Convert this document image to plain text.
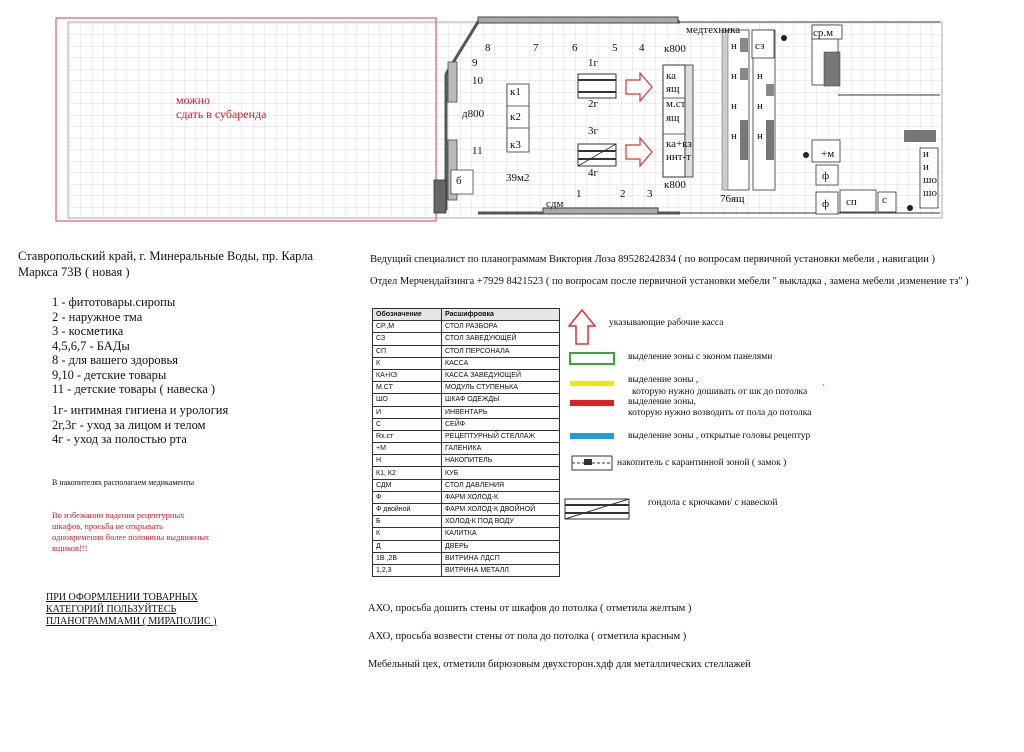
можно
сдать в субаренда
медтехника
8	7	6	5 4 к800
9
10
д800
11
к1
к2
к3
1г
2г
3г
4г
39м2
б
1	2 3
сдм
ка
ящ
м.ст
ящ
ка+кз
инт-т
к800
н
н
н
н
н
н
н
сз
ср.м
76ящ
+м
ф
ф сп с
и
и
шо
шо
Ставропольский край, г. Минеральные Воды, пр. Карла
Маркса 73В ( новая )
1 - фитотовары.сиропы
2 - наружное тма
3 - косметика
4,5,6,7 - БАДы
8 - для вашего здоровья
9,10 - детские товары
11 - детские товары ( навеска )
1г- интимная гигиена и урология
2г,3г - уход за лицом и телом
4г - уход за полостью рта
В накопителях располагаем медикаменты
Во избежании падения рецептурных шкафов, просьба не открывать одновременно более половины выдвижных ящиков!!!
ПРИ ОФОРМЛЕНИИ ТОВАРНЫХ КАТЕГОРИЙ ПОЛЬЗУЙТЕСЬ ПЛАНОГРАММАМИ ( МИРАПОЛИС )
Ведущий специалист по планограммам Виктория Лоза 89528242834 ( по вопросам первичной установки мебели , навигации )
Отдел Мерчендайзинга +7929 8421523 ( по вопросам после первичной установки мебели " выкладка , замена мебели ,изменение тз" )
Обозначение	Расшифровка
СР.,М	СТОЛ РАЗБОРА
СЗ	СТОЛ ЗАВЕДУЮЩЕЙ
СП	СТОЛ ПЕРСОНАЛА
К	КАССА
КА+КЗ	КАССА ЗАВЕДУЮЩЕЙ
М.СТ	МОДУЛЬ СТУПЕНЬКА
ШО	ШКАФ ОДЕЖДЫ
И	ИНВЕНТАРЬ
С	СЕЙФ
Rx.ст	РЕЦЕПТУРНЫЙ СТЕЛЛАЖ
+М	ГАЛЕНИКА
Н	НАКОПИТЕЛЬ
К1, К2	КУБ
СДМ	СТОЛ ДАВЛЕНИЯ
Ф	ФАРМ ХОЛОД-К
Ф двойной	ФАРМ ХОЛОД-К ДВОЙНОЙ
Б	ХОЛОД-К ПОД ВОДУ
К	КАЛИТКА
Д	ДВЕРЬ
1В ,2В	ВИТРИНА ЛДСП
1,2,3	ВИТРИНА МЕТАЛЛ
указывающие рабочие касса
выделение зоны с эконом панелями
выделение зоны ,
которую нужно дошивать от шк до потолка `
выделение зоны,
которую нужно возводить от пола до потолка
выделение зоны , открытые головы рецептур
накопитель с карантинной зоной ( замок )
гондола с крючками/ с навеской
АХО, просьба дошить стены от шкафов до потолка ( отметила желтым )
АХО, просьба возвести стены от пола до потолка ( отметила красным )
Мебельный цех, отметили бирюзовым двухсторон.хдф для металлических стеллажей
